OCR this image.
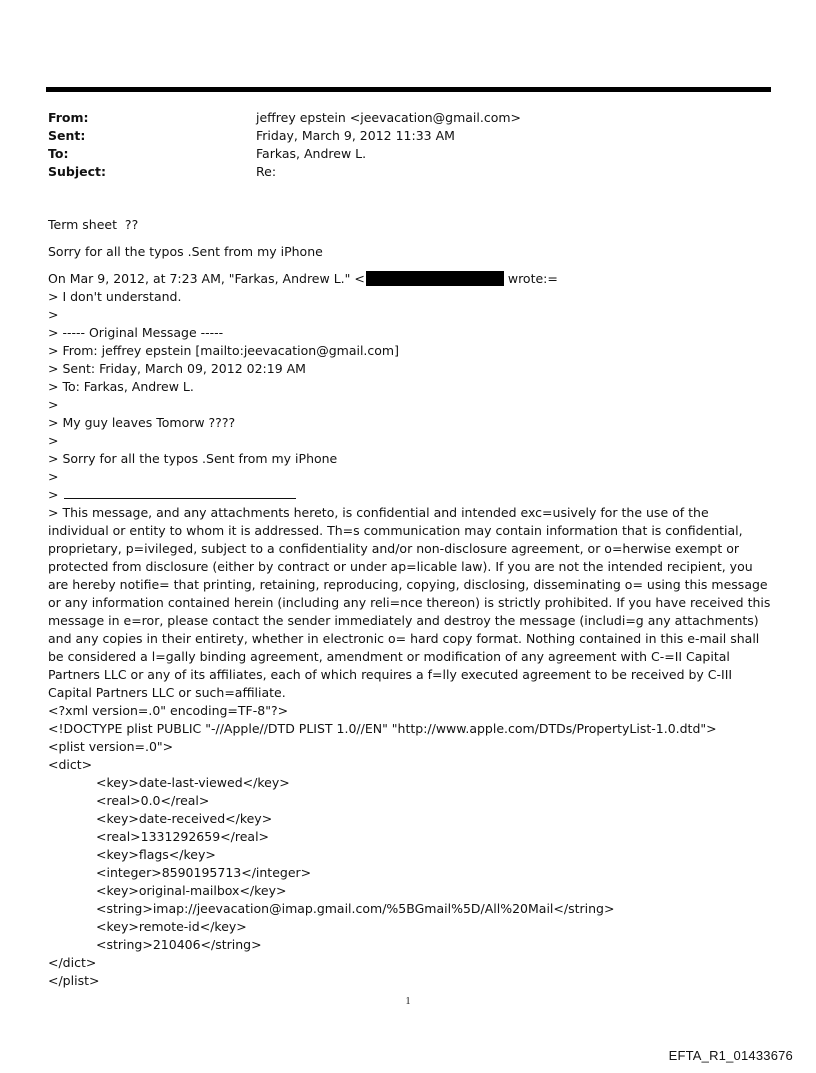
From:	jeffrey epstein <jeevacation@gmail.com>
Sent:	Friday, March 9, 2012 11:33 AM
To:	Farkas, Andrew L.
Subject:	Re:
Term sheet  ??
Sorry for all the typos .Sent from my iPhone
On Mar 9, 2012, at 7:23 AM, "Farkas, Andrew L." <	wrote:=
> I don't understand.
>
> ----- Original Message -----
> From: jeffrey epstein [mailto:jeevacation@gmail.com]
> Sent: Friday, March 09, 2012 02:19 AM
> To: Farkas, Andrew L.
>
> My guy leaves Tomorw ????
>
> Sorry for all the typos .Sent from my iPhone
>
>
> This message, and any attachments hereto, is confidential and intended exc=usively for the use of the individual or entity to whom it is addressed. Th=s communication may contain information that is confidential, proprietary, p=ivileged, subject to a confidentiality and/or non-disclosure agreement, or o=herwise exempt or protected from disclosure (either by contract or under ap=licable law). If you are not the intended recipient, you are hereby notifie= that printing, retaining, reproducing, copying, disclosing, disseminating o= using this message or any information contained herein (including any reli=nce thereon) is strictly prohibited. If you have received this message in e=ror, please contact the sender immediately and destroy the message (includi=g any attachments) and any copies in their entirety, whether in electronic o= hard copy format. Nothing contained in this e-mail shall be considered a l=gally binding agreement, amendment or modification of any agreement with C-=II Capital Partners LLC or any of its affiliates, each of which requires a f=lly executed agreement to be received by C-III Capital Partners LLC or such=affiliate.
<?xml version=.0" encoding=TF-8"?>
<!DOCTYPE plist PUBLIC "-//Apple//DTD PLIST 1.0//EN" "http://www.apple.com/DTDs/PropertyList-1.0.dtd">
<plist version=.0">
<dict>
<key>date-last-viewed</key>
<real>0.0</real>
<key>date-received</key>
<real>1331292659</real>
<key>flags</key>
<integer>8590195713</integer>
<key>original-mailbox</key>
<string>imap://jeevacation@imap.gmail.com/%5BGmail%5D/All%20Mail</string>
<key>remote-id</key>
<string>210406</string>
</dict>
</plist>
1
EFTA_R1_01433676
